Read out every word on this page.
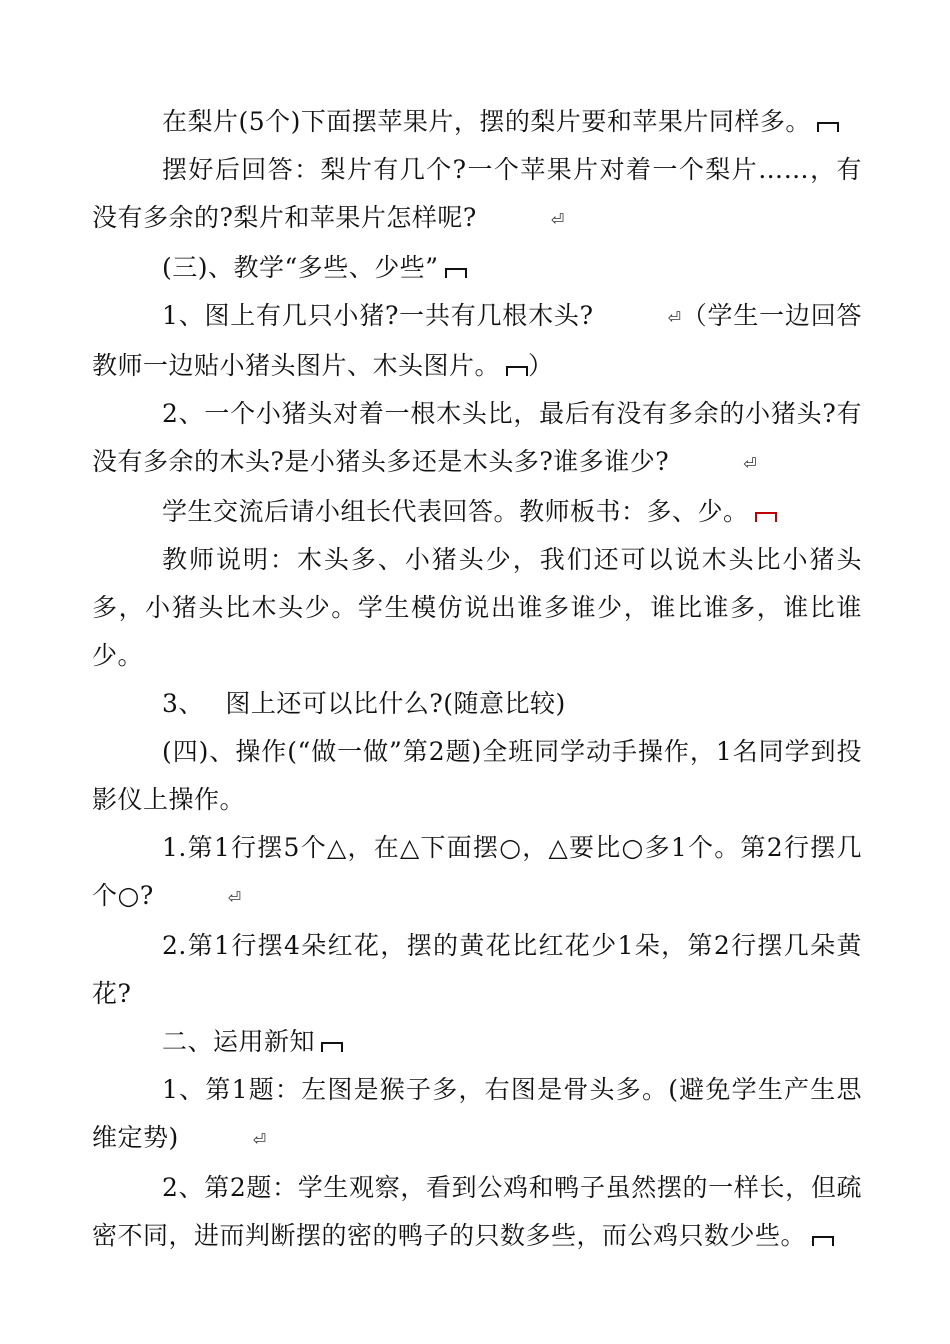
在梨片(5个)下面摆苹果片，摆的梨片要和苹果片同样多。

摆好后回答：梨片有几个?一个苹果片对着一个梨片……，有没有多余的?梨片和苹果片怎样呢?	⏎

(三)、教学“多些、少些”

1、图上有几只小猪?一共有几根木头?	⏎（学生一边回答教师一边贴小猪头图片、木头图片。 ）

2、一个小猪头对着一根木头比，最后有没有多余的小猪头?有没有多余的木头?是小猪头多还是木头多?谁多谁少?	⏎

学生交流后请小组长代表回答。教师板书：多、少。

教师说明：木头多、小猪头少，我们还可以说木头比小猪头多，小猪头比木头少。学生模仿说出谁多谁少，谁比谁多，谁比谁少。

3、　 图上还可以比什么?(随意比较)

(四)、操作(“做一做”第2题)全班同学动手操作，1名同学到投影仪上操作。

1.第1行摆5个△，在△下面摆○，△要比○多1个。第2行摆几个○?	⏎

2.第1行摆4朵红花，摆的黄花比红花少1朵，第2行摆几朵黄花?

二、运用新知

1、第1题：左图是猴子多，右图是骨头多。(避免学生产生思维定势)	⏎

2、第2题：学生观察，看到公鸡和鸭子虽然摆的一样长，但疏密不同，进而判断摆的密的鸭子的只数多些，而公鸡只数少些。
